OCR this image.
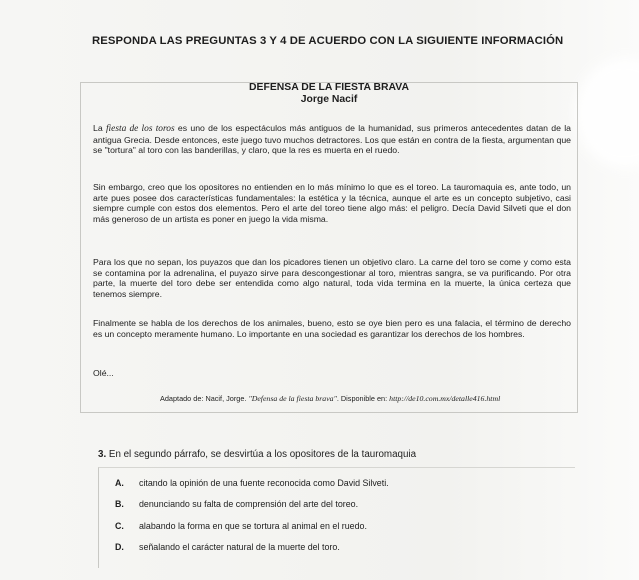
RESPONDA LAS PREGUNTAS 3 Y 4 DE ACUERDO CON LA SIGUIENTE INFORMACIÓN
DEFENSA DE LA FIESTA BRAVA
Jorge Nacif

La fiesta de los toros es uno de los espectáculos más antiguos de la humanidad, sus primeros antecedentes datan de la antigua Grecia. Desde entonces, este juego tuvo muchos detractores. Los que están en contra de la fiesta, argumentan que se "tortura" al toro con las banderillas, y claro, que la res es muerta en el ruedo.

Sin embargo, creo que los opositores no entienden en lo más mínimo lo que es el toreo. La tauromaquia es, ante todo, un arte pues posee dos características fundamentales: la estética y la técnica, aunque el arte es un concepto subjetivo, casi siempre cumple con estos dos elementos. Pero el arte del toreo tiene algo más: el peligro. Decía David Silveti que el don más generoso de un artista es poner en juego la vida misma.

Para los que no sepan, los puyazos que dan los picadores tienen un objetivo claro. La carne del toro se come y como esta se contamina por la adrenalina, el puyazo sirve para descongestionar al toro, mientras sangra, se va purificando. Por otra parte, la muerte del toro debe ser entendida como algo natural, toda vida termina en la muerte, la única certeza que tenemos siempre.

Finalmente se habla de los derechos de los animales, bueno, esto se oye bien pero es una falacia, el término de derecho es un concepto meramente humano. Lo importante en una sociedad es garantizar los derechos de los hombres.

Olé...

Adaptado de: Nacif, Jorge. "Defensa de la fiesta brava". Disponible en: http://de10.com.mx/detalle416.html
3. En el segundo párrafo, se desvirtúa a los opositores de la tauromaquia
A. citando la opinión de una fuente reconocida como David Silveti.
B. denunciando su falta de comprensión del arte del toreo.
C. alabando la forma en que se tortura al animal en el ruedo.
D. señalando el carácter natural de la muerte del toro.
